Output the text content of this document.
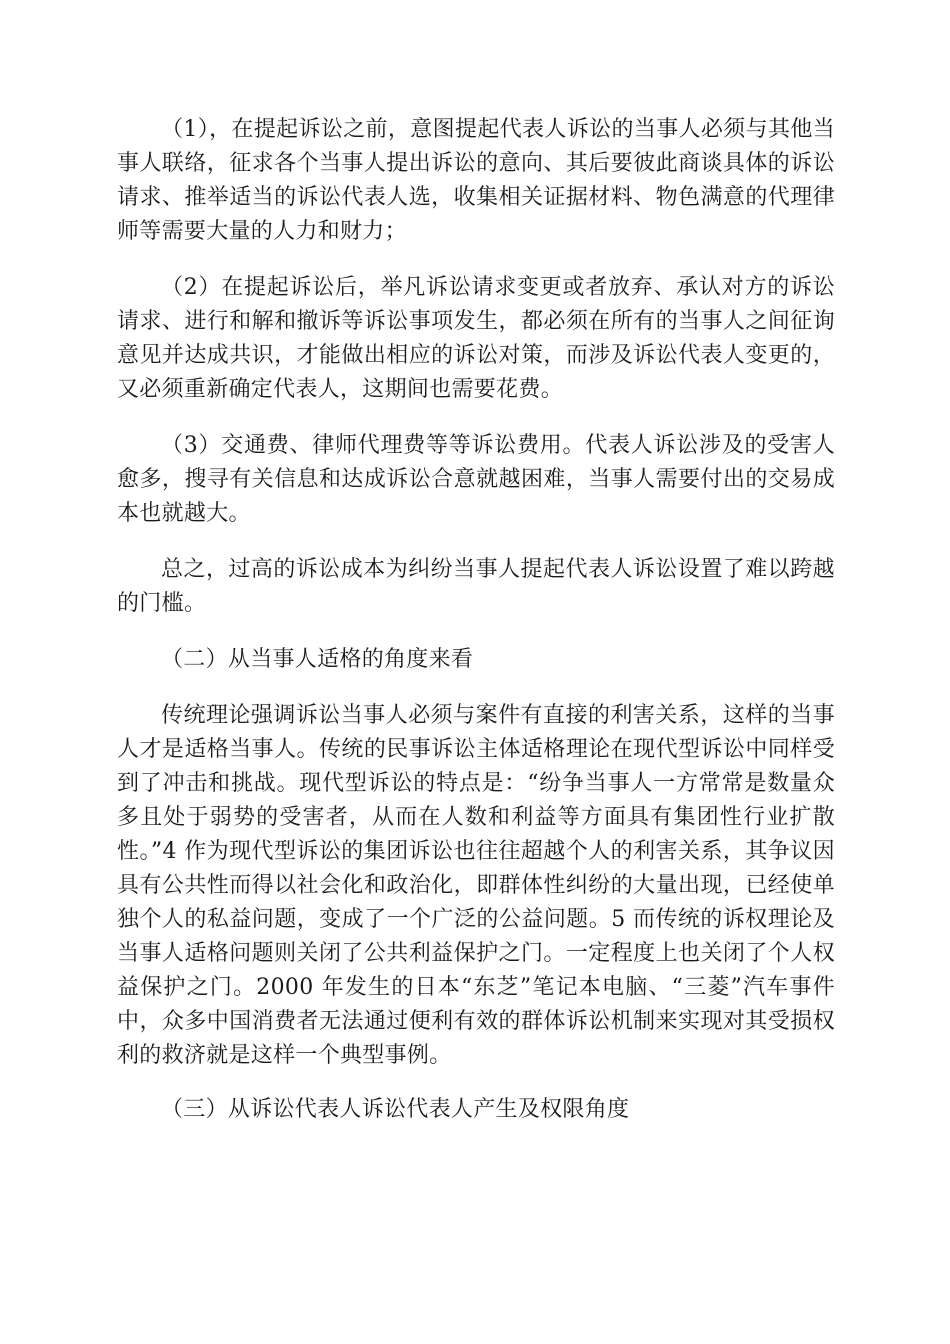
（1），在提起诉讼之前，意图提起代表人诉讼的当事人必须与其他当事人联络，征求各个当事人提出诉讼的意向、其后要彼此商谈具体的诉讼请求、推举适当的诉讼代表人选，收集相关证据材料、物色满意的代理律师等需要大量的人力和财力；

（2）在提起诉讼后，举凡诉讼请求变更或者放弃、承认对方的诉讼请求、进行和解和撤诉等诉讼事项发生，都必须在所有的当事人之间征询意见并达成共识，才能做出相应的诉讼对策，而涉及诉讼代表人变更的，又必须重新确定代表人，这期间也需要花费。

（3）交通费、律师代理费等等诉讼费用。代表人诉讼涉及的受害人愈多，搜寻有关信息和达成诉讼合意就越困难，当事人需要付出的交易成本也就越大。

总之，过高的诉讼成本为纠纷当事人提起代表人诉讼设置了难以跨越的门槛。

（二）从当事人适格的角度来看

传统理论强调诉讼当事人必须与案件有直接的利害关系，这样的当事人才是适格当事人。传统的民事诉讼主体适格理论在现代型诉讼中同样受到了冲击和挑战。现代型诉讼的特点是：“纷争当事人一方常常是数量众多且处于弱势的受害者，从而在人数和利益等方面具有集团性行业扩散性。”4 作为现代型诉讼的集团诉讼也往往超越个人的利害关系，其争议因具有公共性而得以社会化和政治化，即群体性纠纷的大量出现，已经使单独个人的私益问题，变成了一个广泛的公益问题。5 而传统的诉权理论及当事人适格问题则关闭了公共利益保护之门。一定程度上也关闭了个人权益保护之门。2000 年发生的日本“东芝”笔记本电脑、“三菱”汽车事件中，众多中国消费者无法通过便利有效的群体诉讼机制来实现对其受损权利的救济就是这样一个典型事例。

（三）从诉讼代表人诉讼代表人产生及权限角度
